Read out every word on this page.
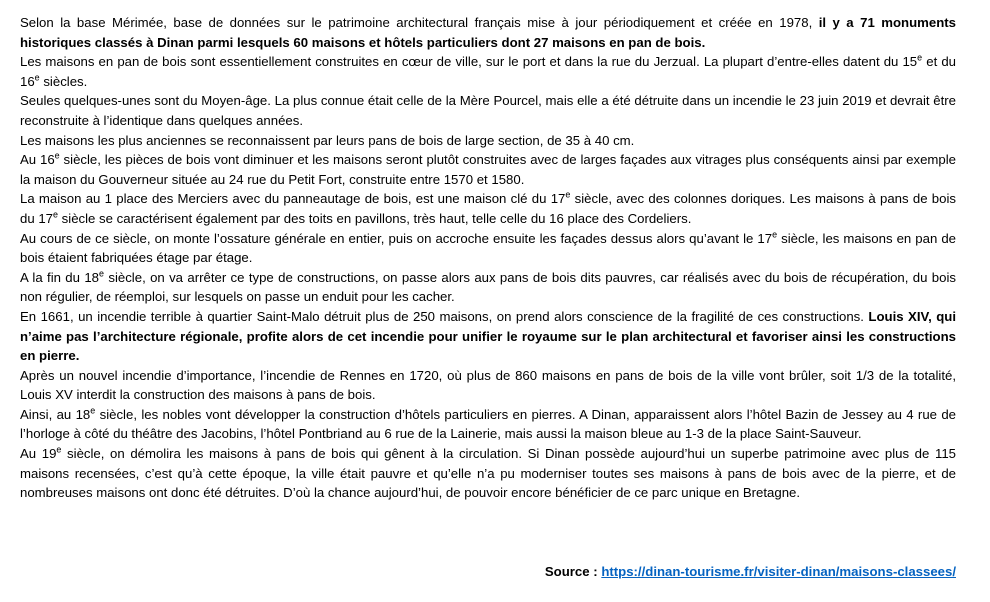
Selon la base Mérimée, base de données sur le patrimoine architectural français mise à jour périodiquement et créée en 1978, il y a 71 monuments historiques classés à Dinan parmi lesquels 60 maisons et hôtels particuliers dont 27 maisons en pan de bois.

Les maisons en pan de bois sont essentiellement construites en cœur de ville, sur le port et dans la rue du Jerzual. La plupart d’entre-elles datent du 15e et du 16e siècles.

Seules quelques-unes sont du Moyen-âge. La plus connue était celle de la Mère Pourcel, mais elle a été détruite dans un incendie le 23 juin 2019 et devrait être reconstruite à l’identique dans quelques années.

Les maisons les plus anciennes se reconnaissent par leurs pans de bois de large section, de 35 à 40 cm.

Au 16e siècle, les pièces de bois vont diminuer et les maisons seront plutôt construites avec de larges façades aux vitrages plus conséquents ainsi par exemple la maison du Gouverneur située au 24 rue du Petit Fort, construite entre 1570 et 1580.

La maison au 1 place des Merciers avec du panneautage de bois, est une maison clé du 17e siècle, avec des colonnes doriques. Les maisons à pans de bois du 17e siècle se caractérisent également par des toits en pavillons, très haut, telle celle du 16 place des Cordeliers.

Au cours de ce siècle, on monte l’ossature générale en entier, puis on accroche ensuite les façades dessus alors qu’avant le 17e siècle, les maisons en pan de bois étaient fabriquées étage par étage.

A la fin du 18e siècle, on va arrêter ce type de constructions, on passe alors aux pans de bois dits pauvres, car réalisés avec du bois de récupération, du bois non régulier, de réemploi, sur lesquels on passe un enduit pour les cacher.

En 1661, un incendie terrible à quartier Saint-Malo détruit plus de 250 maisons, on prend alors conscience de la fragilité de ces constructions. Louis XIV, qui n’aime pas l’architecture régionale, profite alors de cet incendie pour unifier le royaume sur le plan architectural et favoriser ainsi les constructions en pierre.

Après un nouvel incendie d’importance, l’incendie de Rennes en 1720, où plus de 860 maisons en pans de bois de la ville vont brûler, soit 1/3 de la totalité, Louis XV interdit la construction des maisons à pans de bois.

Ainsi, au 18e siècle, les nobles vont développer la construction d’hôtels particuliers en pierres. A Dinan, apparaissent alors l’hôtel Bazin de Jessey au 4 rue de l’horloge à côté du théâtre des Jacobins, l’hôtel Pontbriand au 6 rue de la Lainerie, mais aussi la maison bleue au 1-3 de la place Saint-Sauveur.

Au 19e siècle, on démolira les maisons à pans de bois qui gênent à la circulation. Si Dinan possède aujourd’hui un superbe patrimoine avec plus de 115 maisons recensées, c’est qu’à cette époque, la ville était pauvre et qu’elle n’a pu moderniser toutes ses maisons à pans de bois avec de la pierre, et de nombreuses maisons ont donc été détruites. D’où la chance aujourd’hui, de pouvoir encore bénéficier de ce parc unique en Bretagne.

Source : https://dinan-tourisme.fr/visiter-dinan/maisons-classees/
